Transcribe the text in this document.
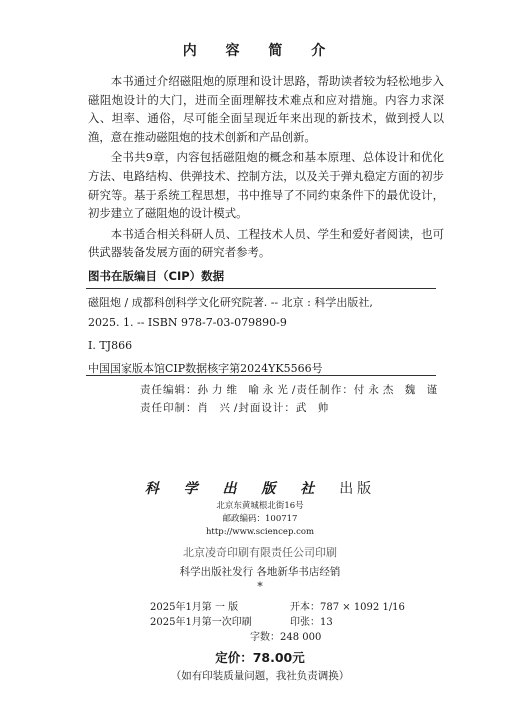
内 容 简 介

本书通过介绍磁阻炮的原理和设计思路，帮助读者较为轻松地步入磁阻炮设计的大门，进而全面理解技术难点和应对措施。内容力求深入、坦率、通俗，尽可能全面呈现近年来出现的新技术，做到授人以渔，意在推动磁阻炮的技术创新和产品创新。

全书共9章，内容包括磁阻炮的概念和基本原理、总体设计和优化方法、电路结构、供弹技术、控制方法，以及关于弹丸稳定方面的初步研究等。基于系统工程思想，书中推导了不同约束条件下的最优设计，初步建立了磁阻炮的设计模式。

本书适合相关科研人员、工程技术人员、学生和爱好者阅读，也可供武器装备发展方面的研究者参考。

图书在版编目（CIP）数据
磁阻炮 / 成都科创科学文化研究院著. -- 北京 : 科学出版社,
2025. 1. -- ISBN 978-7-03-079890-9
Ⅰ. TJ866
中国国家版本馆CIP数据核字第2024YK5566号
责任编辑：孙力维 喻永光/责任制作：付永杰 魏 谨
责任印制：肖 兴/封面设计：武 帅
科 学 出 版 社 出版
北京东黄城根北街16号
邮政编码：100717
http://www.sciencep.com
北京凌奇印刷有限责任公司印刷
科学出版社发行 各地新华书店经销
*
2025年1月第 一 版
2025年1月第一次印刷
开本：787 × 1092 1/16
印张：13
字数：248 000
定价：78.00元
（如有印装质量问题，我社负责调换）
